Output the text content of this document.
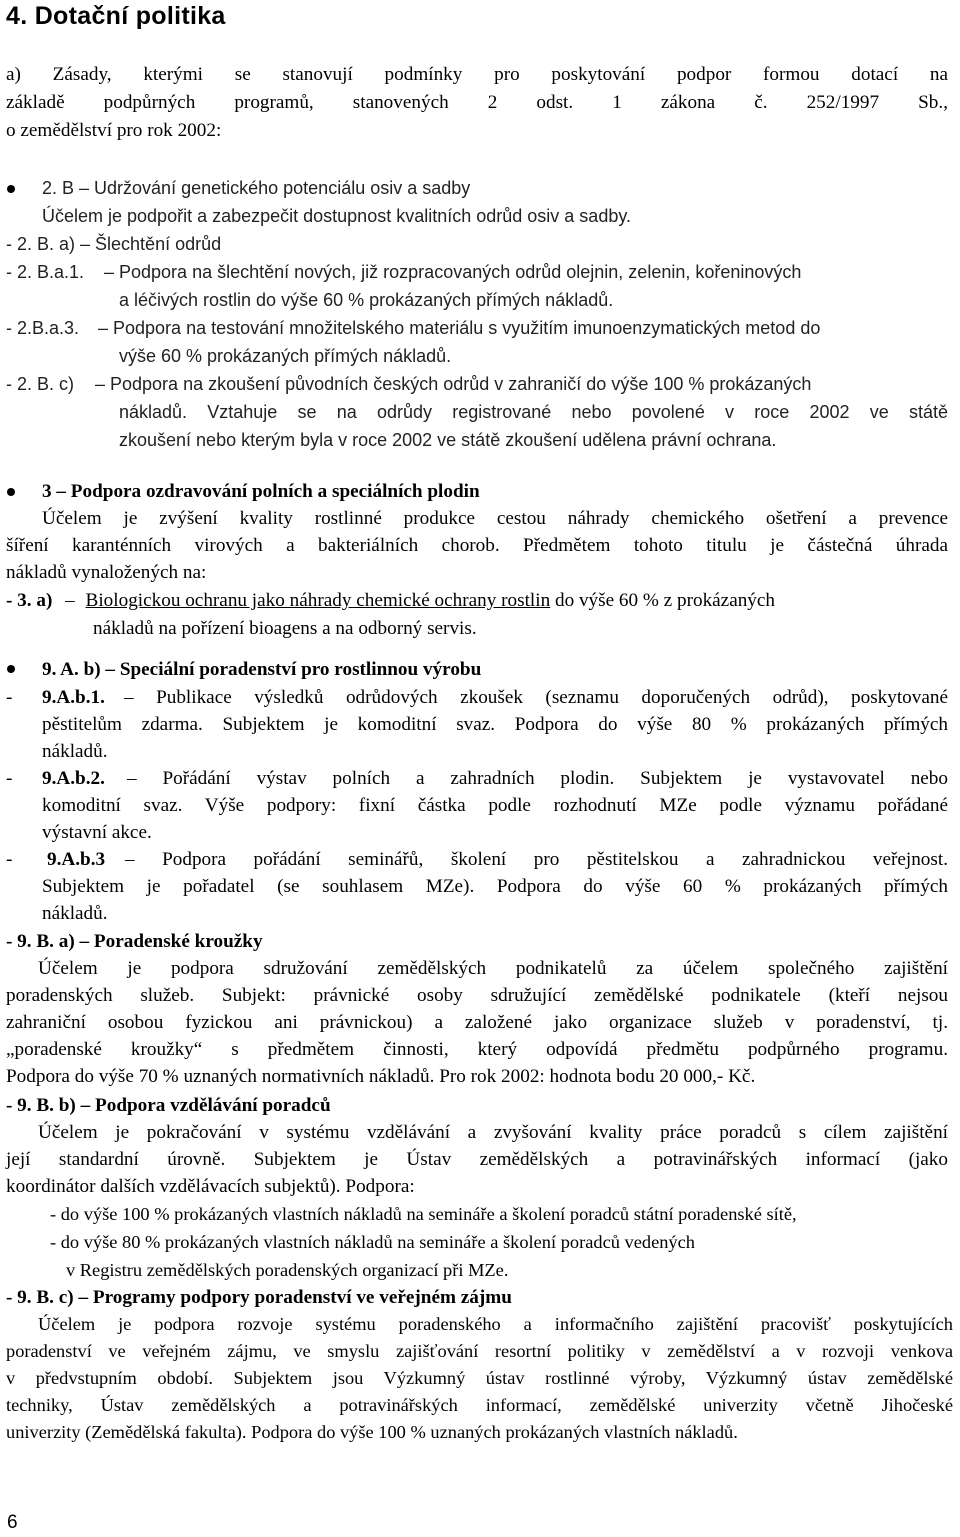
4. Dotační politika
a) Zásady, kterými se stanovují podmínky pro poskytování podpor formou dotací na
základě podpůrných programů, stanovených 2 odst. 1 zákona č. 252/1997 Sb.,
o zemědělství pro rok 2002:
2. B – Udržování genetického potenciálu osiv a sadby
Účelem je podpořit a zabezpečit dostupnost kvalitních odrůd osiv a sadby.
- 2. B. a) – Šlechtění odrůd
- 2. B.a.1. – Podpora na šlechtění nových, již rozpracovaných odrůd olejnin, zelenin, kořeninových
a léčivých rostlin do výše 60 % prokázaných přímých nákladů.
- 2.B.a.3. – Podpora na testování množitelského materiálu s využitím imunoenzymatických metod do
výše 60 % prokázaných přímých nákladů.
- 2. B. c) – Podpora na zkoušení původních českých odrůd v zahraničí do výše 100 % prokázaných
nákladů. Vztahuje se na odrůdy registrované nebo povolené v roce 2002 ve státě
zkoušení nebo kterým byla v roce 2002 ve státě zkoušení udělena právní ochrana.
3 – Podpora ozdravování polních a speciálních plodin
Účelem je zvýšení kvality rostlinné produkce cestou náhrady chemického ošetření a prevence
šíření karanténních virových a bakteriálních chorob. Předmětem tohoto titulu je částečná úhrada
nákladů vynaložených na:
- 3. a) – Biologickou ochranu jako náhrady chemické ochrany rostlin do výše 60 % z prokázaných
nákladů na pořízení bioagens a na odborný servis.
9. A. b) – Speciální poradenství pro rostlinnou výrobu
- 9.A.b.1. – Publikace výsledků odrůdových zkoušek (seznamu doporučených odrůd), poskytované
pěstitelům zdarma. Subjektem je komoditní svaz. Podpora do výše 80 % prokázaných přímých
nákladů.
- 9.A.b.2. – Pořádání výstav polních a zahradních plodin. Subjektem je vystavovatel nebo
komoditní svaz. Výše podpory: fixní částka podle rozhodnutí MZe podle významu pořádané
výstavní akce.
- 9.A.b.3 – Podpora pořádání seminářů, školení pro pěstitelskou a zahradnickou veřejnost.
Subjektem je pořadatel (se souhlasem MZe). Podpora do výše 60 % prokázaných přímých
nákladů.
- 9. B. a) – Poradenské kroužky
Účelem je podpora sdružování zemědělských podnikatelů za účelem společného zajištění
poradenských služeb. Subjekt: právnické osoby sdružující zemědělské podnikatele (kteří nejsou
zahraniční osobou fyzickou ani právnickou) a založené jako organizace služeb v poradenství, tj.
„poradenské kroužky“ s předmětem činnosti, který odpovídá předmětu podpůrného programu.
Podpora do výše 70 % uznaných normativních nákladů. Pro rok 2002: hodnota bodu 20 000,- Kč.
- 9. B. b) – Podpora vzdělávání poradců
Účelem je pokračování v systému vzdělávání a zvyšování kvality práce poradců s cílem zajištění
její standardní úrovně. Subjektem je Ústav zemědělských a potravinářských informací (jako
koordinátor dalších vzdělávacích subjektů). Podpora:
- do výše 100 % prokázaných vlastních nákladů na semináře a školení poradců státní poradenské sítě,
- do výše 80 % prokázaných vlastních nákladů na semináře a školení poradců vedených
v Registru zemědělských poradenských organizací při MZe.
- 9. B. c) – Programy podpory poradenství ve veřejném zájmu
Účelem je podpora rozvoje systému poradenského a informačního zajištění pracovišť poskytujících
poradenství ve veřejném zájmu, ve smyslu zajišťování resortní politiky v zemědělství a v rozvoji venkova
v předvstupním období. Subjektem jsou Výzkumný ústav rostlinné výroby, Výzkumný ústav zemědělské
techniky, Ústav zemědělských a potravinářských informací, zemědělské univerzity včetně Jihočeské
univerzity (Zemědělská fakulta). Podpora do výše 100 % uznaných prokázaných vlastních nákladů.
6
